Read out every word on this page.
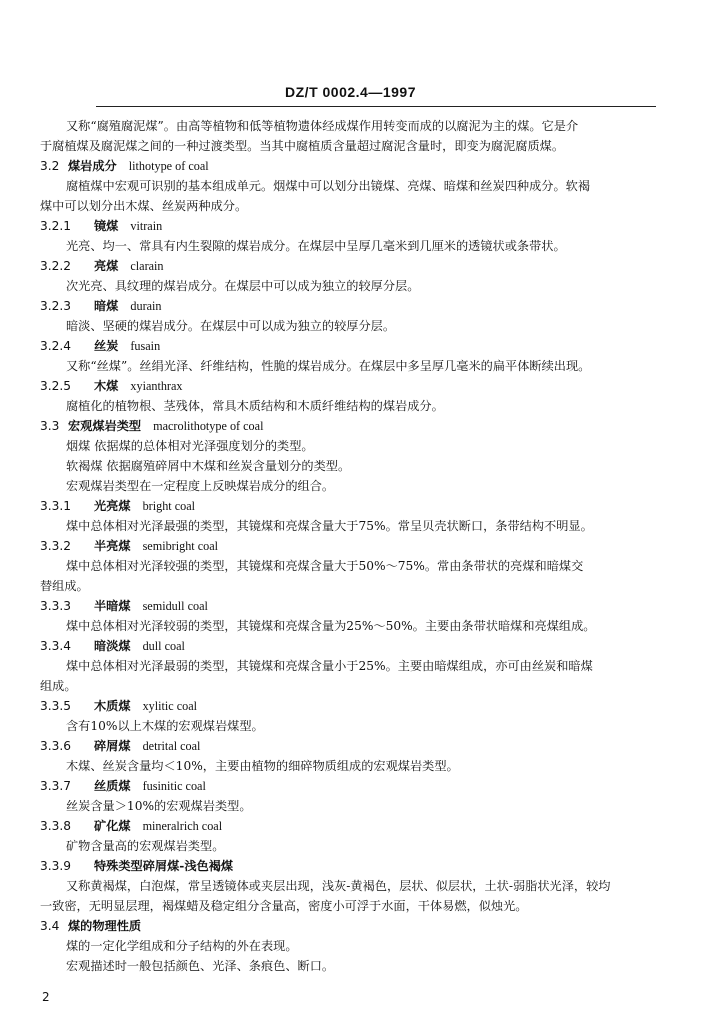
DZ/T 0002.4—1997
又称“腐殖腐泥煤”。由高等植物和低等植物遗体经成煤作用转变而成的以腐泥为主的煤。它是介
于腐植煤及腐泥煤之间的一种过渡类型。当其中腐植质含量超过腐泥含量时，即变为腐泥腐质煤。
3.2 煤岩成分 lithotype of coal
腐植煤中宏观可识别的基本组成单元。烟煤中可以划分出镜煤、亮煤、暗煤和丝炭四种成分。软褐
煤中可以划分出木煤、丝炭两种成分。
3.2.1 镜煤 vitrain
光亮、均一、常具有内生裂隙的煤岩成分。在煤层中呈厚几毫米到几厘米的透镜状或条带状。
3.2.2 亮煤 clarain
次光亮、具纹理的煤岩成分。在煤层中可以成为独立的较厚分层。
3.2.3 暗煤 durain
暗淡、坚硬的煤岩成分。在煤层中可以成为独立的较厚分层。
3.2.4 丝炭 fusain
又称“丝煤”。丝绢光泽、纤维结构，性脆的煤岩成分。在煤层中多呈厚几毫米的扁平体断续出现。
3.2.5 木煤 xyianthrax
腐植化的植物根、茎残体，常具木质结构和木质纤维结构的煤岩成分。
3.3 宏观煤岩类型 macrolithotype of coal
烟煤 依据煤的总体相对光泽强度划分的类型。
软褐煤 依据腐殖碎屑中木煤和丝炭含量划分的类型。
宏观煤岩类型在一定程度上反映煤岩成分的组合。
3.3.1 光亮煤 bright coal
煤中总体相对光泽最强的类型，其镜煤和亮煤含量大于75%。常呈贝壳状断口，条带结构不明显。
3.3.2 半亮煤 semibright coal
煤中总体相对光泽较强的类型，其镜煤和亮煤含量大于50%～75%。常由条带状的亮煤和暗煤交
替组成。
3.3.3 半暗煤 semidull coal
煤中总体相对光泽较弱的类型，其镜煤和亮煤含量为25%～50%。主要由条带状暗煤和亮煤组成。
3.3.4 暗淡煤 dull coal
煤中总体相对光泽最弱的类型，其镜煤和亮煤含量小于25%。主要由暗煤组成，亦可由丝炭和暗煤
组成。
3.3.5 木质煤 xylitic coal
含有10%以上木煤的宏观煤岩煤型。
3.3.6 碎屑煤 detrital coal
木煤、丝炭含量均＜10%，主要由植物的细碎物质组成的宏观煤岩类型。
3.3.7 丝质煤 fusinitic coal
丝炭含量＞10%的宏观煤岩类型。
3.3.8 矿化煤 mineralrich coal
矿物含量高的宏观煤岩类型。
3.3.9 特殊类型碎屑煤-浅色褐煤
又称黄褐煤，白泡煤，常呈透镜体或夹层出现，浅灰-黄褐色，层状、似层状，土状-弱脂状光泽，较均
一致密，无明显层理，褐煤蜡及稳定组分含量高，密度小可浮于水面，干体易燃，似烛光。
3.4 煤的物理性质
煤的一定化学组成和分子结构的外在表现。
宏观描述时一般包括颜色、光泽、条痕色、断口。
2
